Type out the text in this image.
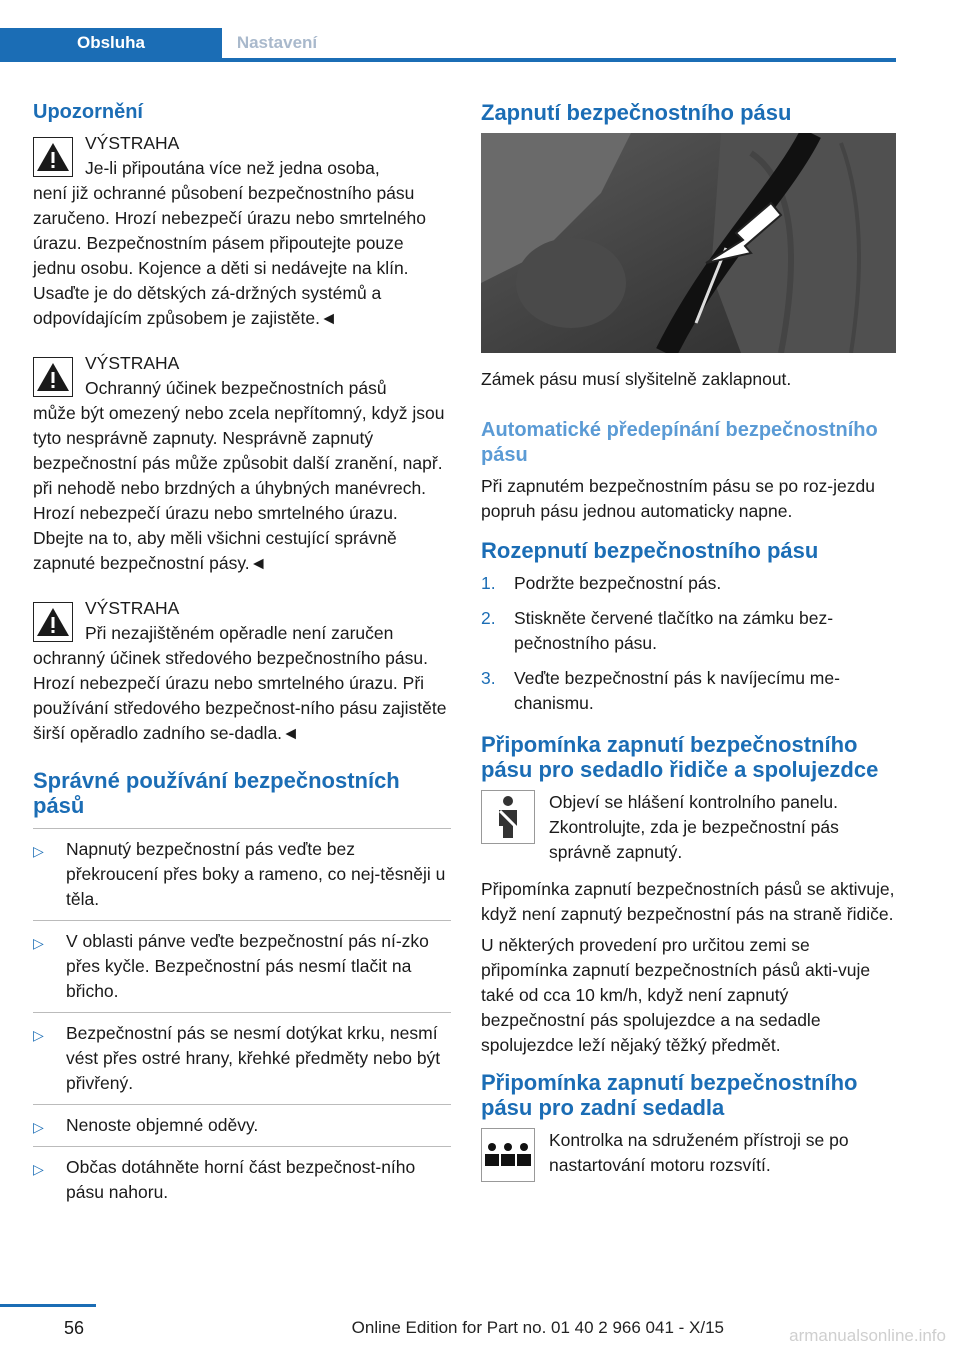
Obsluha	Nastavení
Upozornění
VÝSTRAHA
Je-li připoutána více než jedna osoba,
není již ochranné působení bezpečnostního pásu zaručeno. Hrozí nebezpečí úrazu nebo smrtelného úrazu. Bezpečnostním pásem připoutejte pouze jednu osobu. Kojence a děti si nedávejte na klín. Usaďte je do dětských zá-držných systémů a odpovídajícím způsobem je zajistěte.◄
VÝSTRAHA
Ochranný účinek bezpečnostních pásů
může být omezený nebo zcela nepřítomný, když jsou tyto nesprávně zapnuty. Nesprávně zapnutý bezpečnostní pás může způsobit další zranění, např. při nehodě nebo brzdných a úhybných manévrech. Hrozí nebezpečí úrazu nebo smrtelného úrazu. Dbejte na to, aby měli všichni cestující správně zapnuté bezpečnostní pásy.◄
VÝSTRAHA
Při nezajištěném opěradle není zaručen
ochranný účinek středového bezpečnostního pásu. Hrozí nebezpečí úrazu nebo smrtelného úrazu. Při používání středového bezpečnost-ního pásu zajistěte širší opěradlo zadního se-dadla.◄
Správné používání bezpečnostních pásů
▷ Napnutý bezpečnostní pás veďte bez překroucení přes boky a rameno, co nej-těsněji u těla.
▷ V oblasti pánve veďte bezpečnostní pás ní-zko přes kyčle. Bezpečnostní pás nesmí tlačit na břicho.
▷ Bezpečnostní pás se nesmí dotýkat krku, nesmí vést přes ostré hrany, křehké předměty nebo být přivřený.
▷ Nenoste objemné oděvy.
▷ Občas dotáhněte horní část bezpečnost-ního pásu nahoru.
Zapnutí bezpečnostního pásu

Zámek pásu musí slyšitelně zaklapnout.

Automatické předepínání bezpečnostního pásu

Při zapnutém bezpečnostním pásu se po roz-jezdu popruh pásu jednou automaticky napne.

Rozepnutí bezpečnostního pásu
1. Podržte bezpečnostní pás.
2. Stiskněte červené tlačítko na zámku bez-pečnostního pásu.
3. Veďte bezpečnostní pás k navíjecímu me-chanismu.
Připomínka zapnutí bezpečnostního pásu pro sedadlo řidiče a spolujezdce

Objeví se hlášení kontrolního panelu. Zkontrolujte, zda je bezpečnostní pás správně zapnutý.

Připomínka zapnutí bezpečnostních pásů se aktivuje, když není zapnutý bezpečnostní pás na straně řidiče.

U některých provedení pro určitou zemi se připomínka zapnutí bezpečnostních pásů akti-vuje také od cca 10 km/h, když není zapnutý bezpečnostní pás spolujezdce a na sedadle spolujezdce leží nějaký těžký předmět.

Připomínka zapnutí bezpečnostního pásu pro zadní sedadla

Kontrolka na sdruženém přístroji se po nastartování motoru rozsvítí.

56	Online Edition for Part no. 01 40 2 966 041 - X/15	armanualsonline.info
